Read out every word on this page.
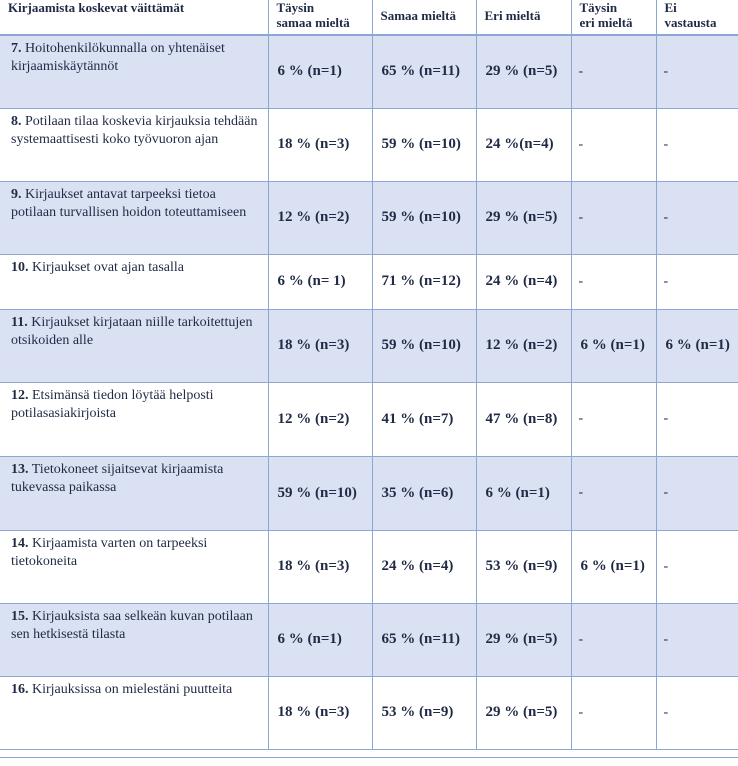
Kirjaamista koskevat väittämät	Täysin
samaa mieltä	Samaa mieltä	Eri mieltä	Täysin
eri mieltä	Ei
vastausta

7. Hoitohenkilökunnalla on yhtenäiset kirjaamiskäytännöt	6 % (n=1)	65 % (n=11)	29 % (n=5)	-	-
8. Potilaan tilaa koskevia kirjauksia tehdään systemaattisesti koko työvuoron ajan	18 % (n=3)	59 % (n=10)	24 %(n=4)	-	-
9. Kirjaukset antavat tarpeeksi tietoa potilaan turvallisen hoidon toteuttamiseen	12 % (n=2)	59 % (n=10)	29 % (n=5)	-	-
10. Kirjaukset ovat ajan tasalla	6 % (n= 1)	71 % (n=12)	24 % (n=4)	-	-
11. Kirjaukset kirjataan niille tarkoitettujen otsikoiden alle	18 % (n=3)	59 % (n=10)	12 % (n=2)	6 % (n=1)	6 % (n=1)
12. Etsimänsä tiedon löytää helposti potilasasiakirjoista	12 % (n=2)	41 % (n=7)	47 % (n=8)	-	-
13. Tietokoneet sijaitsevat kirjaamista tukevassa paikassa	59 % (n=10)	35 % (n=6)	6 % (n=1)	-	-
14. Kirjaamista varten on tarpeeksi tietokoneita	18 % (n=3)	24 % (n=4)	53 % (n=9)	6 % (n=1)	-
15. Kirjauksista saa selkeän kuvan potilaan sen hetkisestä tilasta	6 % (n=1)	65 % (n=11)	29 % (n=5)	-	-
16. Kirjauksissa on mielestäni puutteita	18 % (n=3)	53 % (n=9)	29 % (n=5)	-	-
